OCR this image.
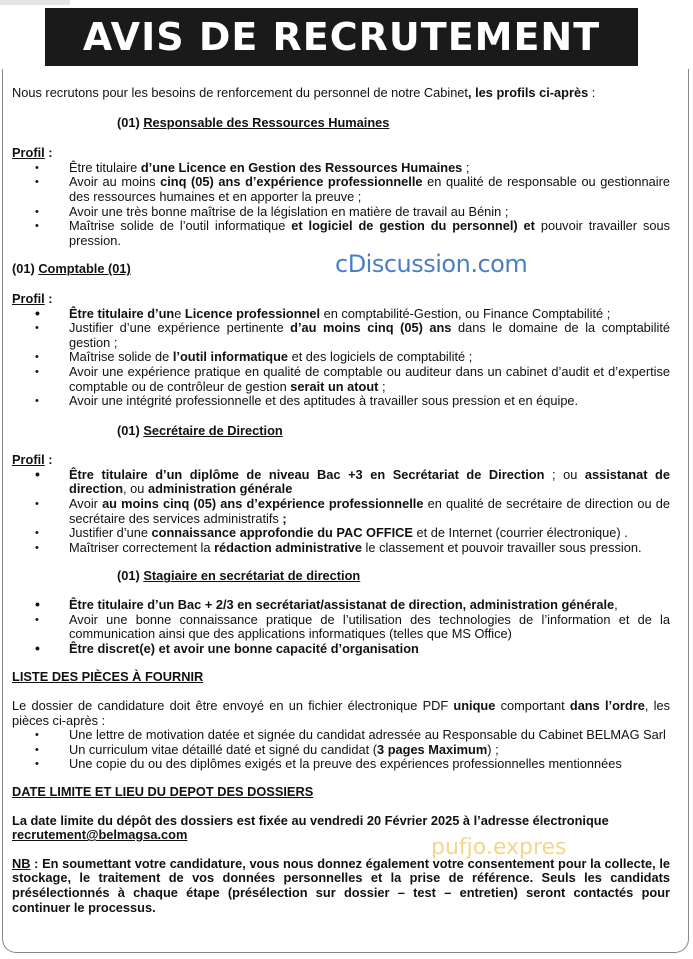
AVIS DE RECRUTEMENT
cDiscussion.com

Nous recrutons pour les besoins de renforcement du personnel de notre Cabinet, les profils ci-après :

(01) Responsable des Ressources Humaines

Profil :

• Être titulaire d’une Licence en Gestion des Ressources Humaines ;
• Avoir au moins cinq (05) ans d’expérience professionnelle en qualité de responsable ou gestionnaire des ressources humaines et en apporter la preuve ;
• Avoir une très bonne maîtrise de la législation en matière de travail au Bénin ;
• Maîtrise solide de l’outil informatique et logiciel de gestion du personnel) et pouvoir travailler sous pression.

(01) Comptable (01)

Profil :

• Être titulaire d’une Licence professionnel en comptabilité-Gestion, ou Finance Comptabilité ;
• Justifier d’une expérience pertinente d’au moins cinq (05) ans dans le domaine de la comptabilité gestion ;
• Maîtrise solide de l’outil informatique et des logiciels de comptabilité ;
• Avoir une expérience pratique en qualité de comptable ou auditeur dans un cabinet d’audit et d’expertise comptable ou de contrôleur de gestion serait un atout ;
• Avoir une intégrité professionnelle et des aptitudes à travailler sous pression et en équipe.

(01) Secrétaire de Direction

Profil :

• Être titulaire d’un diplôme de niveau Bac +3 en Secrétariat de Direction ; ou assistanat de direction, ou administration générale
• Avoir au moins cinq (05) ans d’expérience professionnelle en qualité de secrétaire de direction ou de secrétaire des services administratifs ;
• Justifier d’une connaissance approfondie du PAC OFFICE et de Internet (courrier électronique) .
• Maîtriser correctement la rédaction administrative le classement et pouvoir travailler sous pression.

(01) Stagiaire en secrétariat de direction

• Être titulaire d’un Bac + 2/3 en secrétariat/assistanat de direction, administration générale,
• Avoir une bonne connaissance pratique de l’utilisation des technologies de l’information et de la communication ainsi que des applications informatiques (telles que MS Office)
• Être discret(e) et avoir une bonne capacité d’organisation

LISTE DES PIÈCES À FOURNIR

Le dossier de candidature doit être envoyé en un fichier électronique PDF unique comportant dans l’ordre, les pièces ci-après :

• Une lettre de motivation datée et signée du candidat adressée au Responsable du Cabinet BELMAG Sarl
• Un curriculum vitae détaillé daté et signé du candidat (3 pages Maximum) ;
• Une copie du ou des diplômes exigés et la preuve des expériences professionnelles mentionnées

DATE LIMITE ET LIEU DU DEPOT DES DOSSIERS

La date limite du dépôt des dossiers est fixée au vendredi 20 Février 2025 à l’adresse électronique
recrutement@belmagsa.com

NB : En soumettant votre candidature, vous nous donnez également votre consentement pour la collecte, le stockage, le traitement de vos données personnelles et la prise de référence. Seuls les candidats présélectionnés à chaque étape (présélection sur dossier – test – entretien) seront contactés pour continuer le processus.

pufjo.expres
